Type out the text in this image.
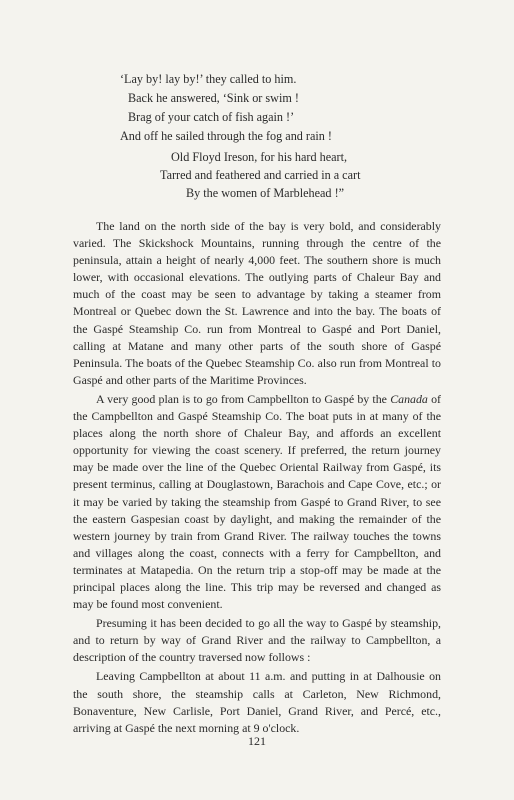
‘Lay by! lay by!’ they called to him.
Back he answered, ‘Sink or swim !
Brag of your catch of fish again !’
And off he sailed through the fog and rain !
Old Floyd Ireson, for his hard heart,
Tarred and feathered and carried in a cart
By the women of Marblehead !”

The land on the north side of the bay is very bold, and considerably varied. The Skickshock Mountains, running through the centre of the peninsula, attain a height of nearly 4,000 feet. The southern shore is much lower, with occasional elevations. The outlying parts of Chaleur Bay and much of the coast may be seen to advantage by taking a steamer from Montreal or Quebec down the St. Lawrence and into the bay. The boats of the Gaspé Steamship Co. run from Montreal to Gaspé and Port Daniel, calling at Matane and many other parts of the south shore of Gaspé Peninsula. The boats of the Quebec Steamship Co. also run from Montreal to Gaspé and other parts of the Maritime Provinces.

A very good plan is to go from Campbellton to Gaspé by the Canada of the Campbellton and Gaspé Steamship Co. The boat puts in at many of the places along the north shore of Chaleur Bay, and affords an excellent opportunity for viewing the coast scenery. If preferred, the return journey may be made over the line of the Quebec Oriental Railway from Gaspé, its present terminus, calling at Douglastown, Barachois and Cape Cove, etc.; or it may be varied by taking the steamship from Gaspé to Grand River, to see the eastern Gaspesian coast by daylight, and making the remainder of the western journey by train from Grand River. The railway touches the towns and villages along the coast, connects with a ferry for Campbellton, and terminates at Matapedia. On the return trip a stop-off may be made at the principal places along the line. This trip may be reversed and changed as may be found most convenient.

Presuming it has been decided to go all the way to Gaspé by steamship, and to return by way of Grand River and the railway to Campbellton, a description of the country traversed now follows :

Leaving Campbellton at about 11 a.m. and putting in at Dalhousie on the south shore, the steamship calls at Carleton, New Richmond, Bonaventure, New Carlisle, Port Daniel, Grand River, and Percé, etc., arriving at Gaspé the next morning at 9 o'clock.

121
